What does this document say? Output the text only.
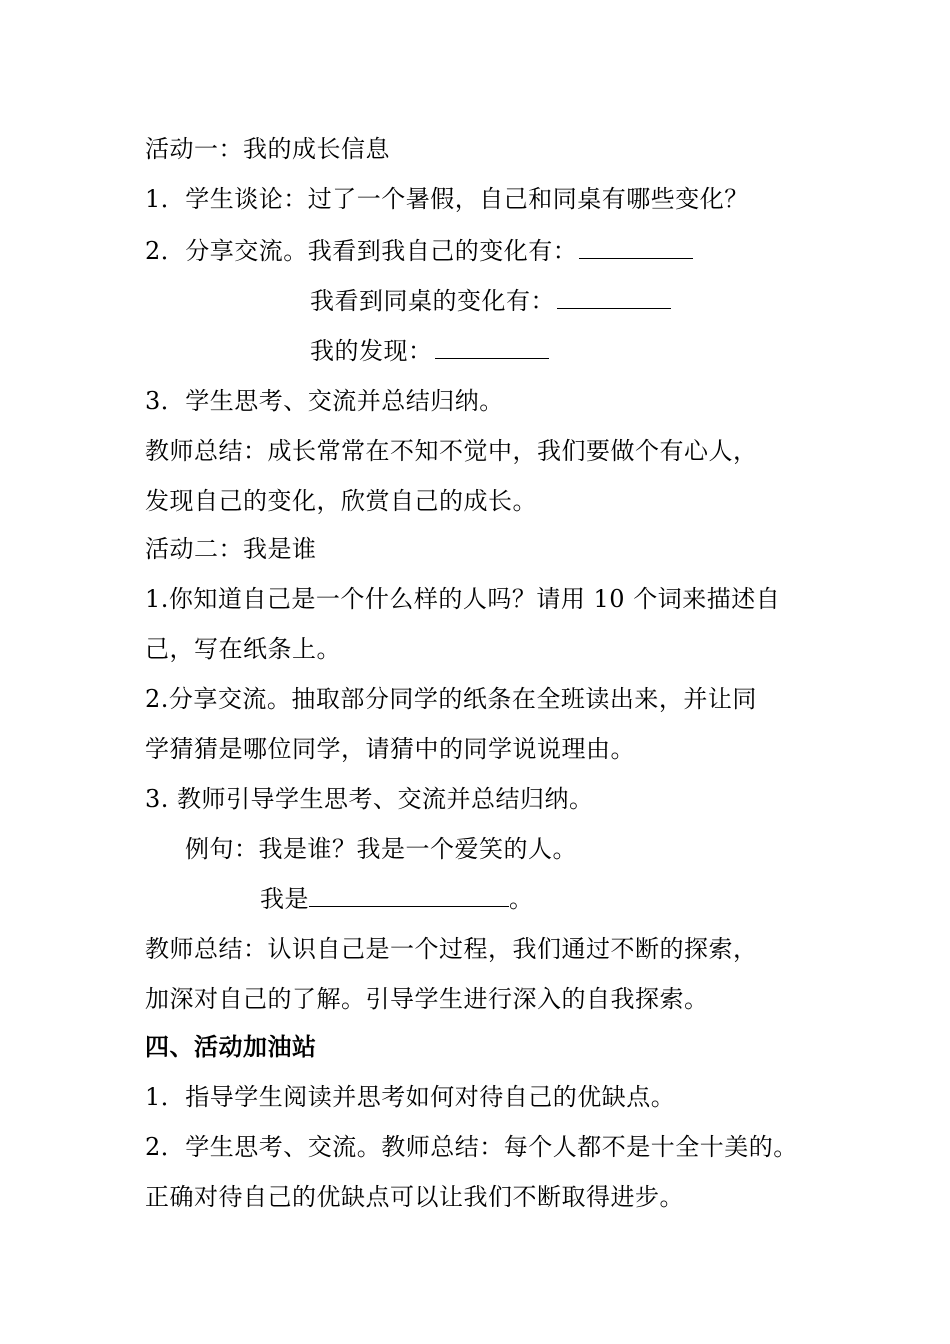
活动一：我的成长信息
1．学生谈论：过了一个暑假，自己和同桌有哪些变化？
2．分享交流。我看到我自己的变化有：
我看到同桌的变化有：
我的发现：
3．学生思考、交流并总结归纳。
教师总结：成长常常在不知不觉中，我们要做个有心人，
发现自己的变化，欣赏自己的成长。
活动二：我是谁
1.你知道自己是一个什么样的人吗？请用 10 个词来描述自
己，写在纸条上。
2.分享交流。抽取部分同学的纸条在全班读出来，并让同
学猜猜是哪位同学，请猜中的同学说说理由。
3. 教师引导学生思考、交流并总结归纳。
例句：我是谁？我是一个爱笑的人。
我是	。
教师总结：认识自己是一个过程，我们通过不断的探索，
加深对自己的了解。引导学生进行深入的自我探索。
四、活动加油站
1．指导学生阅读并思考如何对待自己的优缺点。
2．学生思考、交流。教师总结：每个人都不是十全十美的。
正确对待自己的优缺点可以让我们不断取得进步。
